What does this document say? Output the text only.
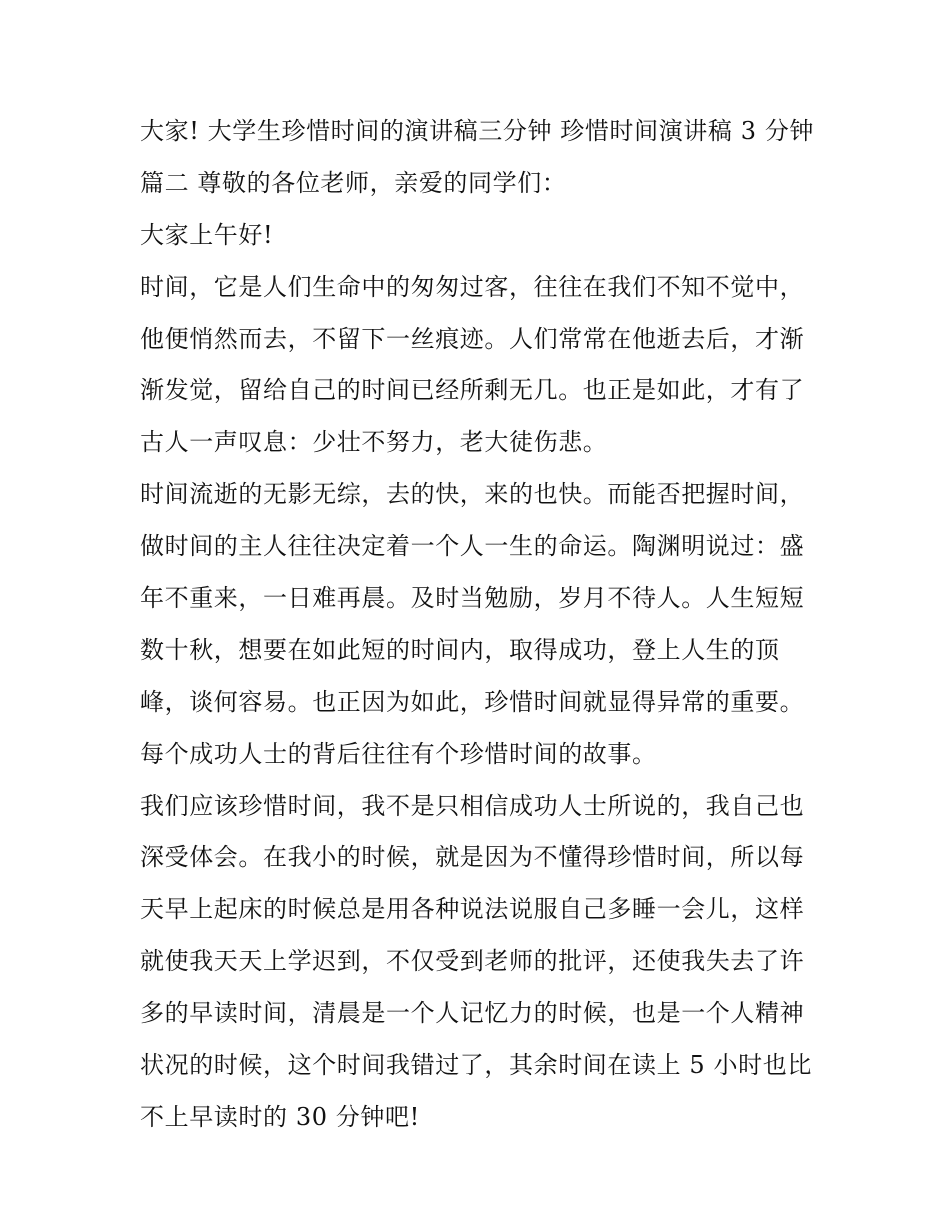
大家! 大学生珍惜时间的演讲稿三分钟 珍惜时间演讲稿 3 分钟
篇二 尊敬的各位老师，亲爱的同学们：
大家上午好!
时间，它是人们生命中的匆匆过客，往往在我们不知不觉中，
他便悄然而去，不留下一丝痕迹。人们常常在他逝去后，才渐
渐发觉，留给自己的时间已经所剩无几。也正是如此，才有了
古人一声叹息：少壮不努力，老大徒伤悲。
时间流逝的无影无综，去的快，来的也快。而能否把握时间，
做时间的主人往往决定着一个人一生的命运。陶渊明说过：盛
年不重来，一日难再晨。及时当勉励，岁月不待人。人生短短
数十秋，想要在如此短的时间内，取得成功，登上人生的顶
峰，谈何容易。也正因为如此，珍惜时间就显得异常的重要。
每个成功人士的背后往往有个珍惜时间的故事。
我们应该珍惜时间，我不是只相信成功人士所说的，我自己也
深受体会。在我小的时候，就是因为不懂得珍惜时间，所以每
天早上起床的时候总是用各种说法说服自己多睡一会儿，这样
就使我天天上学迟到，不仅受到老师的批评，还使我失去了许
多的早读时间，清晨是一个人记忆力的时候，也是一个人精神
状况的时候，这个时间我错过了，其余时间在读上 5 小时也比
不上早读时的 30 分钟吧!
